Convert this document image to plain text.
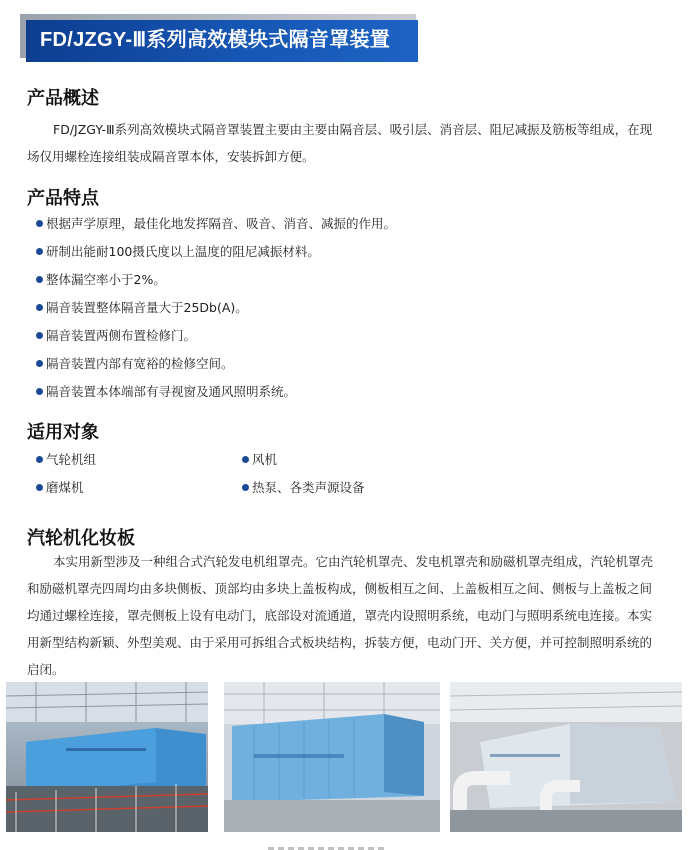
FD/JZGY-Ⅲ系列高效模块式隔音罩装置
产品概述
FD/JZGY-Ⅲ系列高效模块式隔音罩装置主要由主要由隔音层、吸引层、消音层、阻尼减振及筋板等组成，在现场仅用螺栓连接组装成隔音罩本体，安装拆卸方便。
产品特点
根据声学原理，最佳化地发挥隔音、吸音、消音、减振的作用。
研制出能耐100摄氏度以上温度的阻尼减振材料。
整体漏空率小于2%。
隔音装置整体隔音量大于25Db(A)。
隔音装置两侧布置检修门。
隔音装置内部有宽裕的检修空间。
隔音装置本体端部有寻视窗及通风照明系统。
适用对象
气轮机组	风机
磨煤机	热泵、各类声源设备
汽轮机化妆板
本实用新型涉及一种组合式汽轮发电机组罩壳。它由汽轮机罩壳、发电机罩壳和励磁机罩壳组成，汽轮机罩壳和励磁机罩壳四周均由多块侧板、顶部均由多块上盖板构成，侧板相互之间、上盖板相互之间、侧板与上盖板之间均通过螺栓连接，罩壳侧板上设有电动门，底部设对流通道，罩壳内设照明系统，电动门与照明系统电连接。本实用新型结构新颖、外型美观、由于采用可拆组合式板块结构，拆装方便，电动门开、关方便，并可控制照明系统的启闭。
